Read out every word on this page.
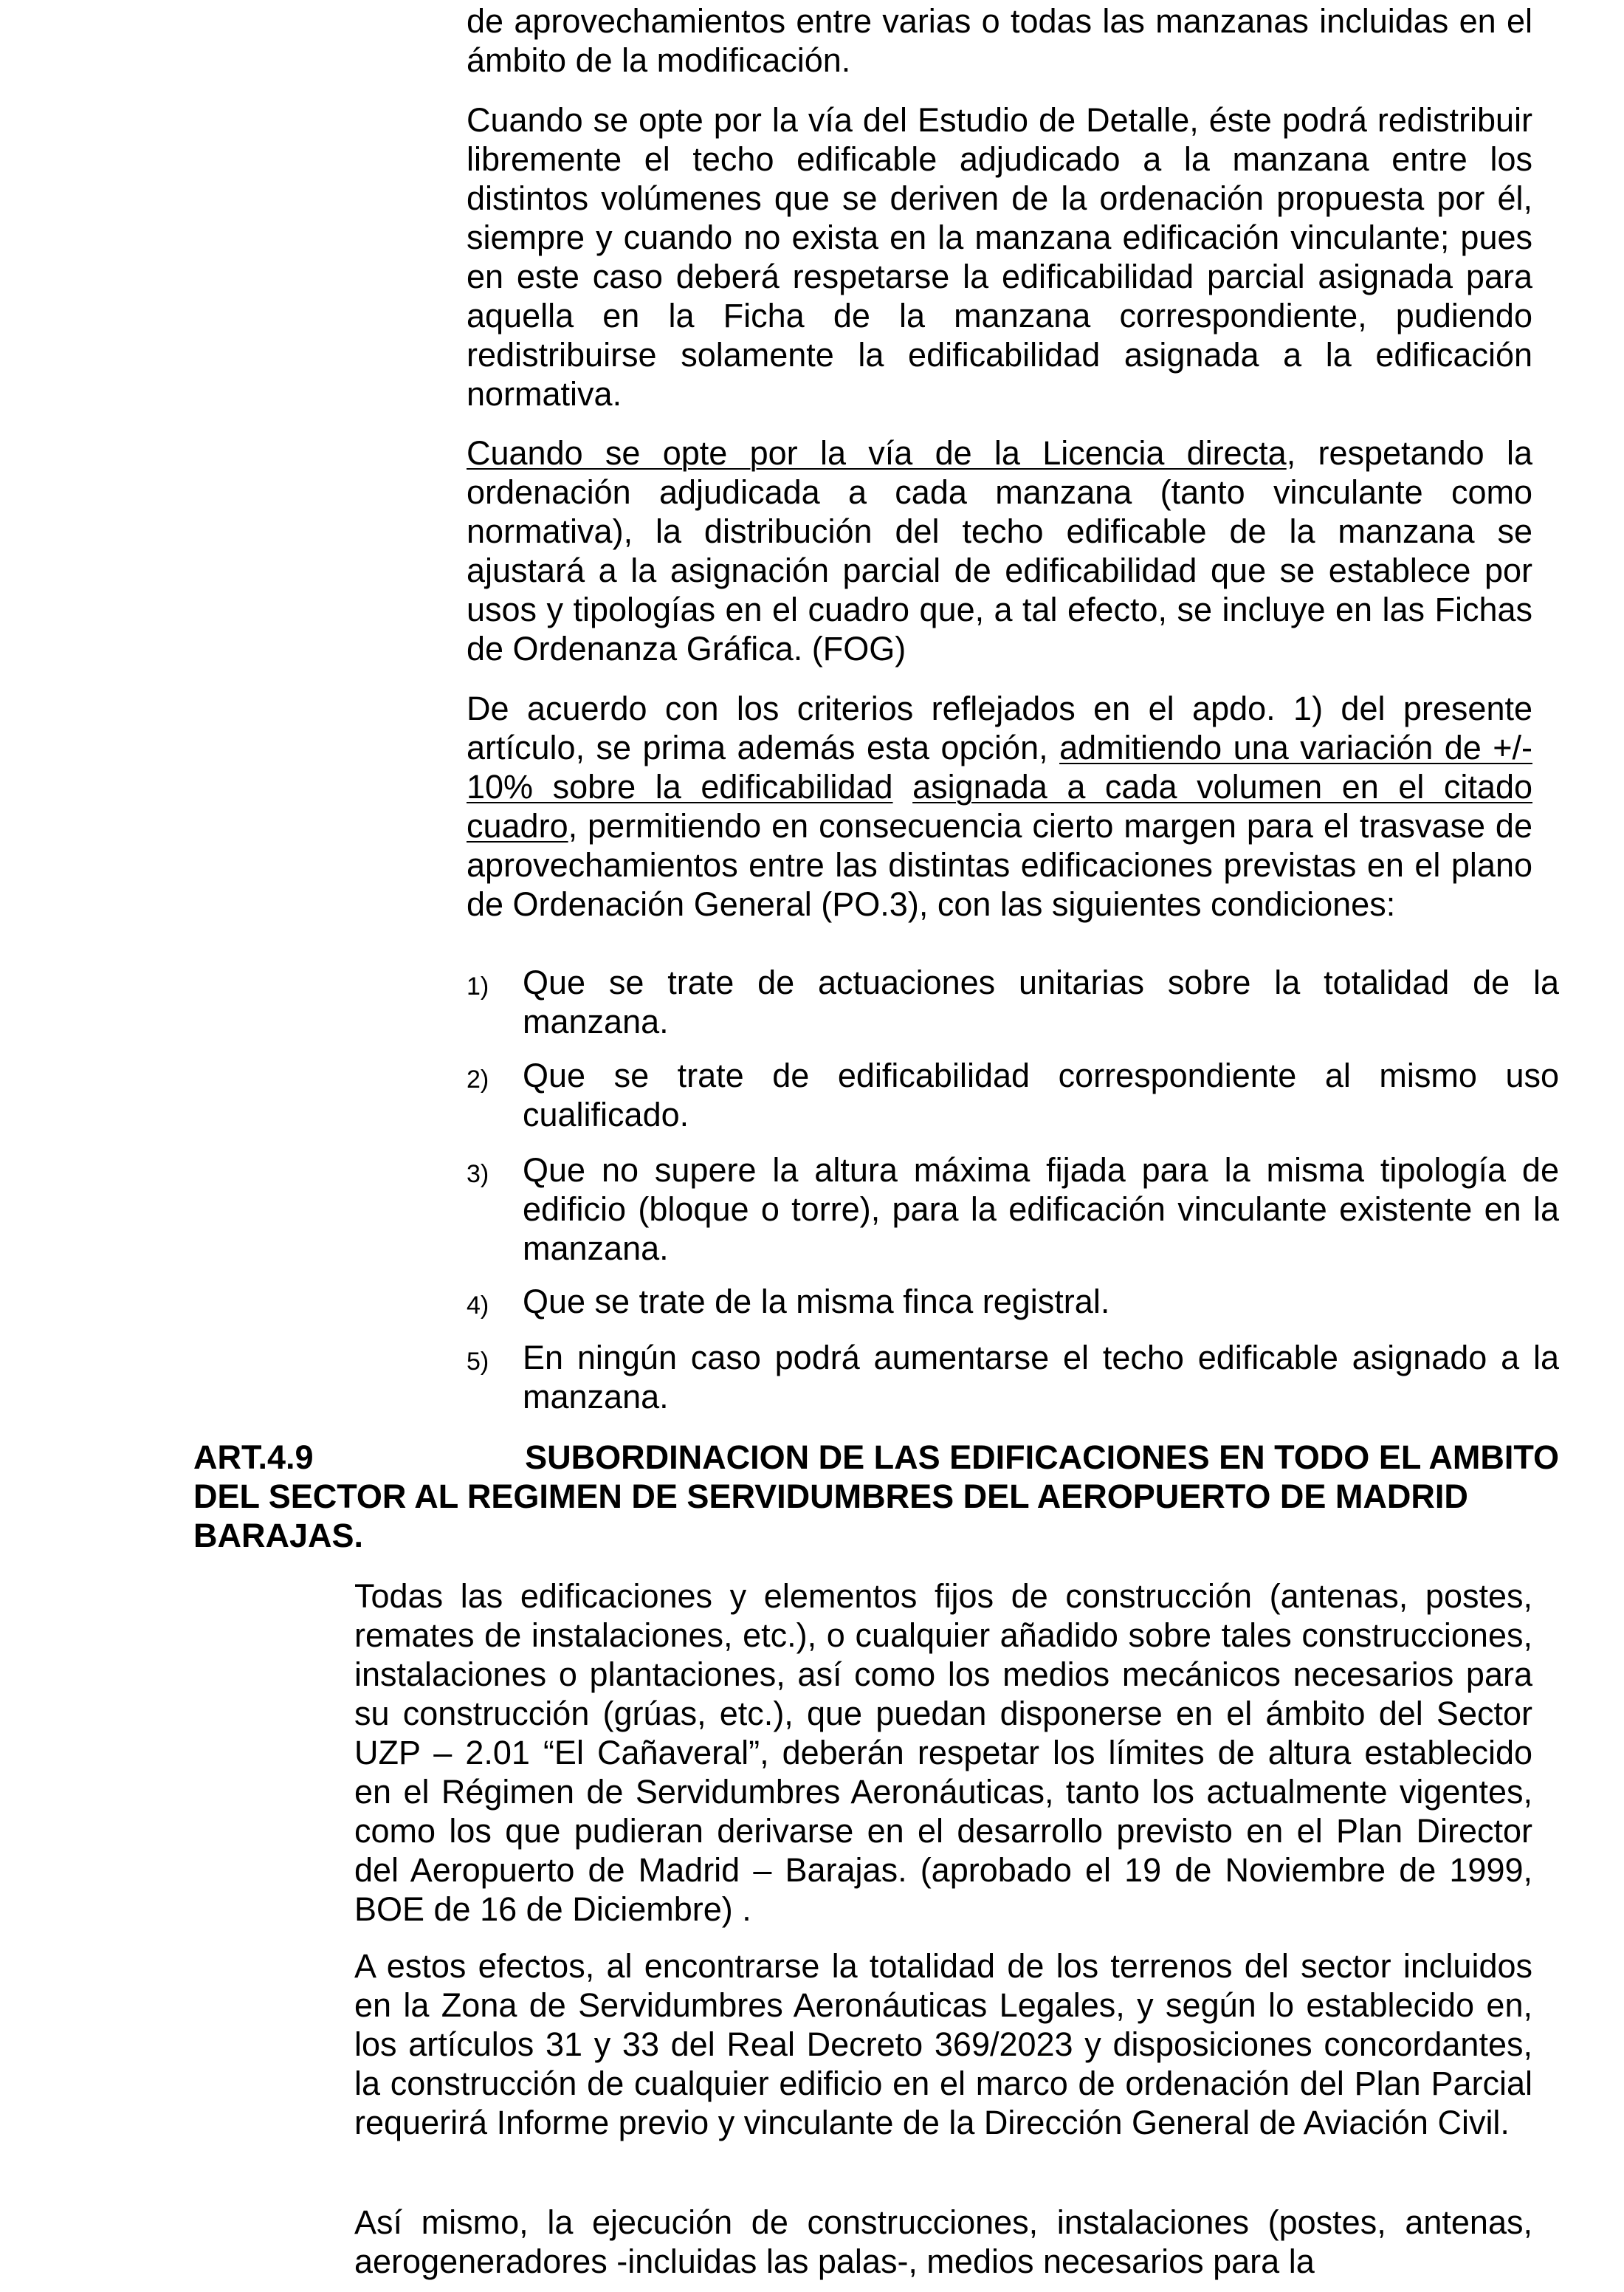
de aprovechamientos entre varias o todas las manzanas incluidas en el ámbito de la modificación.

Cuando se opte por la vía del Estudio de Detalle, éste podrá redistribuir libremente el techo edificable adjudicado a la manzana entre los distintos volúmenes que se deriven de la ordenación propuesta por él, siempre y cuando no exista en la manzana edificación vinculante; pues en este caso deberá respetarse la edificabilidad parcial asignada para aquella en la Ficha de la manzana correspondiente, pudiendo redistribuirse solamente la edificabilidad asignada a la edificación normativa.

Cuando se opte por la vía de la Licencia directa, respetando la ordenación adjudicada a cada manzana (tanto vinculante como normativa), la distribución del techo edificable de la manzana se ajustará a la asignación parcial de edificabilidad que se establece por usos y tipologías en el cuadro que, a tal efecto, se incluye en las Fichas de Ordenanza Gráfica. (FOG)

De acuerdo con los criterios reflejados en el apdo. 1) del presente artículo, se prima además esta opción, admitiendo una variación de +/- 10% sobre la edificabilidad asignada a cada volumen en el citado cuadro, permitiendo en consecuencia cierto margen para el trasvase de aprovechamientos entre las distintas edificaciones previstas en el plano de Ordenación General (PO.3), con las siguientes condiciones:

1) Que se trate de actuaciones unitarias sobre la totalidad de la manzana.

2) Que se trate de edificabilidad correspondiente al mismo uso cualificado.

3) Que no supere la altura máxima fijada para la misma tipología de edificio (bloque o torre), para la edificación vinculante existente en la manzana.

4) Que se trate de la misma finca registral.

5) En ningún caso podrá aumentarse el techo edificable asignado a la manzana.

ART.4.9	SUBORDINACION DE LAS EDIFICACIONES EN TODO EL AMBITO
DEL SECTOR AL REGIMEN DE SERVIDUMBRES DEL AEROPUERTO DE MADRID BARAJAS.

Todas las edificaciones y elementos fijos de construcción (antenas, postes, remates de instalaciones, etc.), o cualquier añadido sobre tales construcciones, instalaciones o plantaciones, así como los medios mecánicos necesarios para su construcción (grúas, etc.), que puedan disponerse en el ámbito del Sector UZP – 2.01 “El Cañaveral”, deberán respetar los límites de altura establecido en el Régimen de Servidumbres Aeronáuticas, tanto los actualmente vigentes, como los que pudieran derivarse en el desarrollo previsto en el Plan Director del Aeropuerto de Madrid – Barajas. (aprobado el 19 de Noviembre de 1999, BOE de 16 de Diciembre) .

A estos efectos, al encontrarse la totalidad de los terrenos del sector incluidos en la Zona de Servidumbres Aeronáuticas Legales, y según lo establecido en, los artículos 31 y 33 del Real Decreto 369/2023 y disposiciones concordantes, la construcción de cualquier edificio en el marco de ordenación del Plan Parcial requerirá Informe previo y vinculante de la Dirección General de Aviación Civil.

Así mismo, la ejecución de construcciones, instalaciones (postes, antenas, aerogeneradores -incluidas las palas-, medios necesarios para la
